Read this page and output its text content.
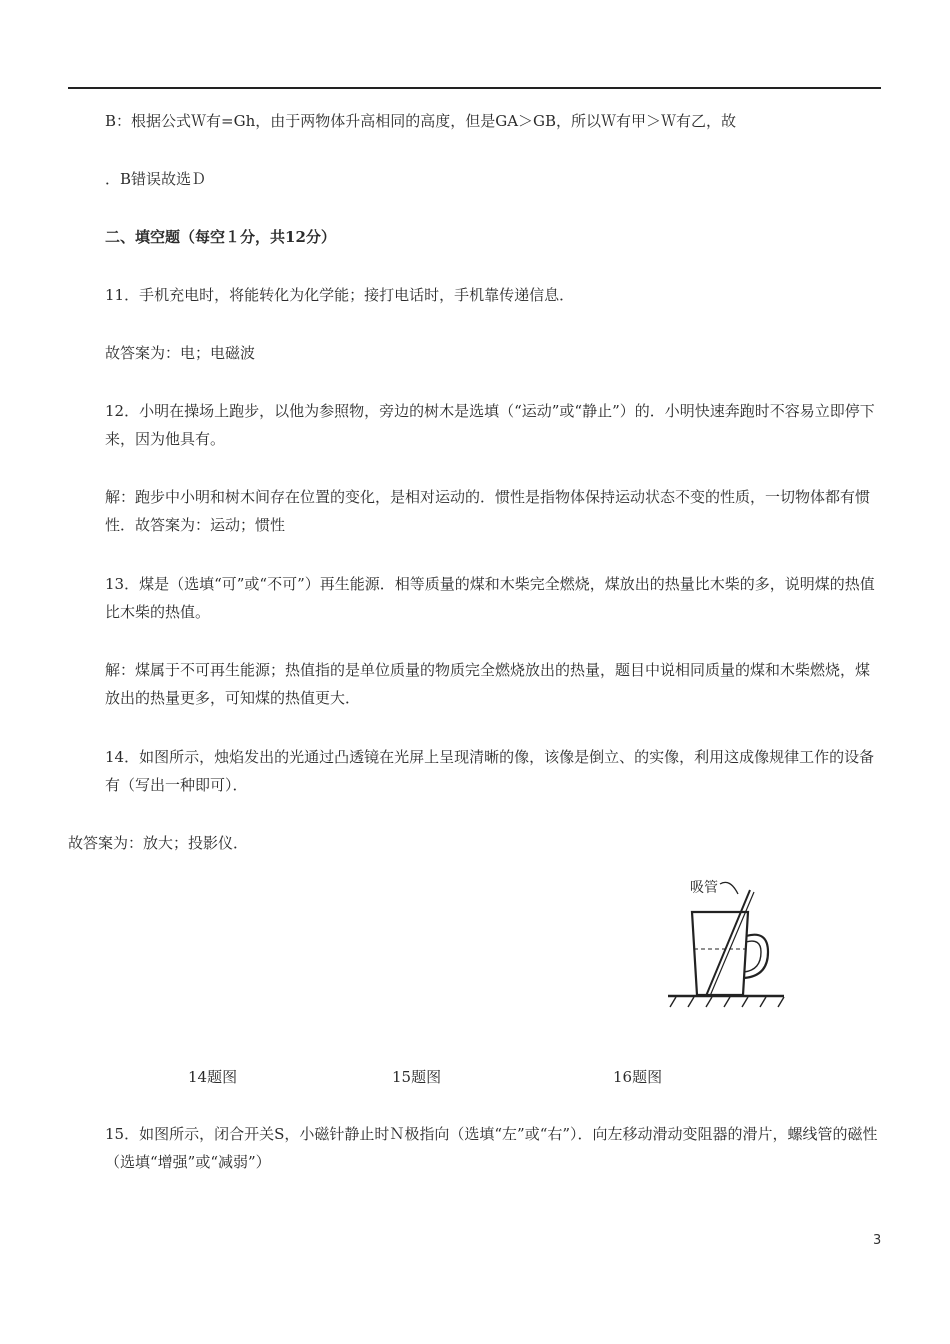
B：根据公式Ｗ有=Gh，由于两物体升高相同的高度，但是GA＞GB，所以Ｗ有甲＞Ｗ有乙，故
．B错误故选Ｄ
二、填空题（每空１分，共12分）
11．手机充电时，将能转化为化学能；接打电话时，手机靠传递信息．
故答案为：电；电磁波
12．小明在操场上跑步，以他为参照物，旁边的树木是选填（“运动”或“静止”）的．小明快速奔跑时不容易立即停下来，因为他具有。
解：跑步中小明和树木间存在位置的变化，是相对运动的．惯性是指物体保持运动状态不变的性质，一切物体都有惯性．故答案为：运动；惯性
13．煤是（选填“可”或“不可”）再生能源．相等质量的煤和木柴完全燃烧，煤放出的热量比木柴的多，说明煤的热值比木柴的热值。
解：煤属于不可再生能源；热值指的是单位质量的物质完全燃烧放出的热量，题目中说相同质量的煤和木柴燃烧，煤放出的热量更多，可知煤的热值更大．
14．如图所示，烛焰发出的光通过凸透镜在光屏上呈现清晰的像，该像是倒立、的实像，利用这成像规律工作的设备有（写出一种即可）．
故答案为：放大；投影仪．
吸管
14题图	15题图	16题图
15．如图所示，闭合开关S，小磁针静止时Ｎ极指向（选填“左”或“右”）．向左移动滑动变阻器的滑片，螺线管的磁性　（选填“增强”或“减弱”）
3
